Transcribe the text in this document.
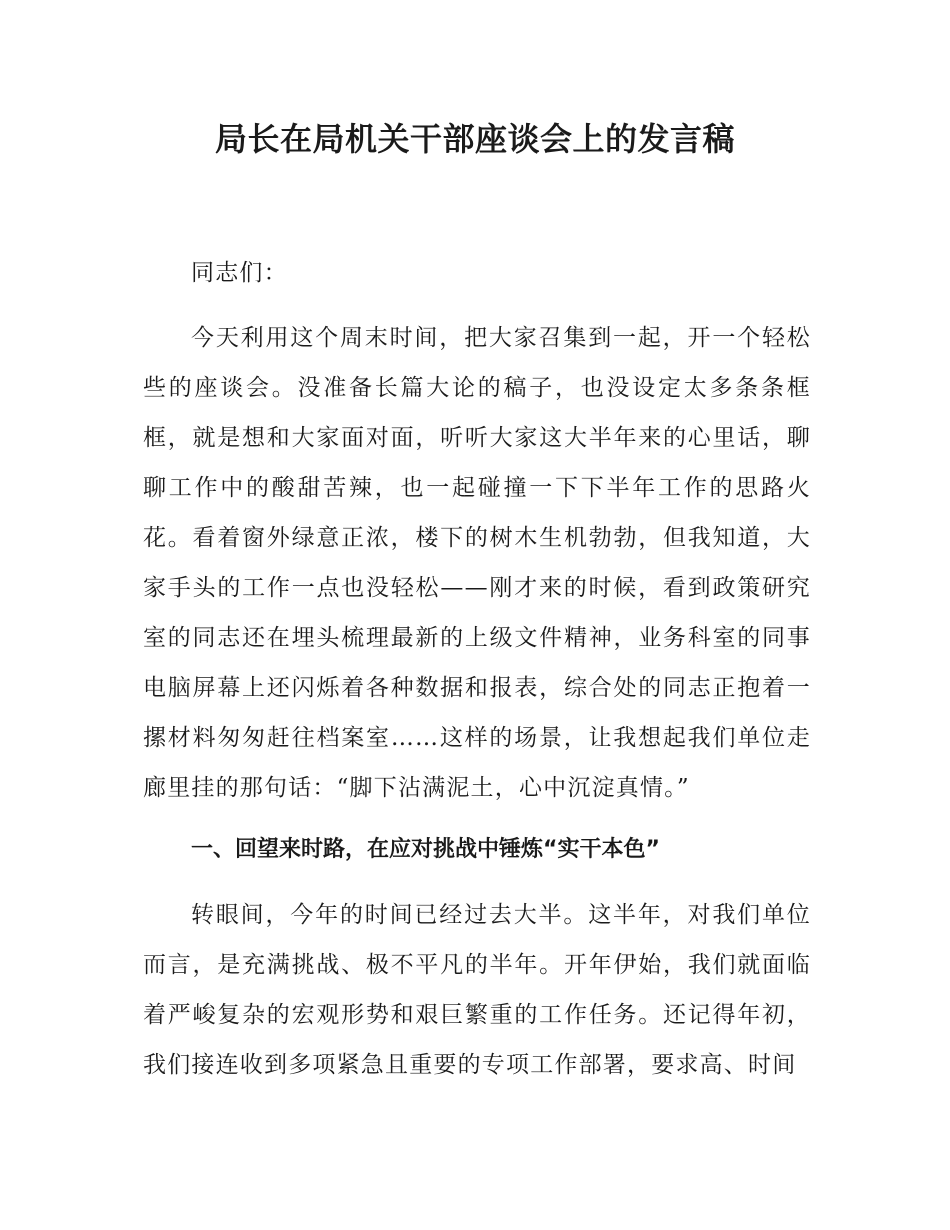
局长在局机关干部座谈会上的发言稿

同志们：

今天利用这个周末时间，把大家召集到一起，开一个轻松些的座谈会。没准备长篇大论的稿子，也没设定太多条条框框，就是想和大家面对面，听听大家这大半年来的心里话，聊聊工作中的酸甜苦辣，也一起碰撞一下下半年工作的思路火花。看着窗外绿意正浓，楼下的树木生机勃勃，但我知道，大家手头的工作一点也没轻松——刚才来的时候，看到政策研究室的同志还在埋头梳理最新的上级文件精神，业务科室的同事电脑屏幕上还闪烁着各种数据和报表，综合处的同志正抱着一摞材料匆匆赶往档案室……这样的场景，让我想起我们单位走廊里挂的那句话：“脚下沾满泥土，心中沉淀真情。”

一、回望来时路，在应对挑战中锤炼“实干本色”

转眼间，今年的时间已经过去大半。这半年，对我们单位而言，是充满挑战、极不平凡的半年。开年伊始，我们就面临着严峻复杂的宏观形势和艰巨繁重的工作任务。还记得年初，我们接连收到多项紧急且重要的专项工作部署，要求高、时间
